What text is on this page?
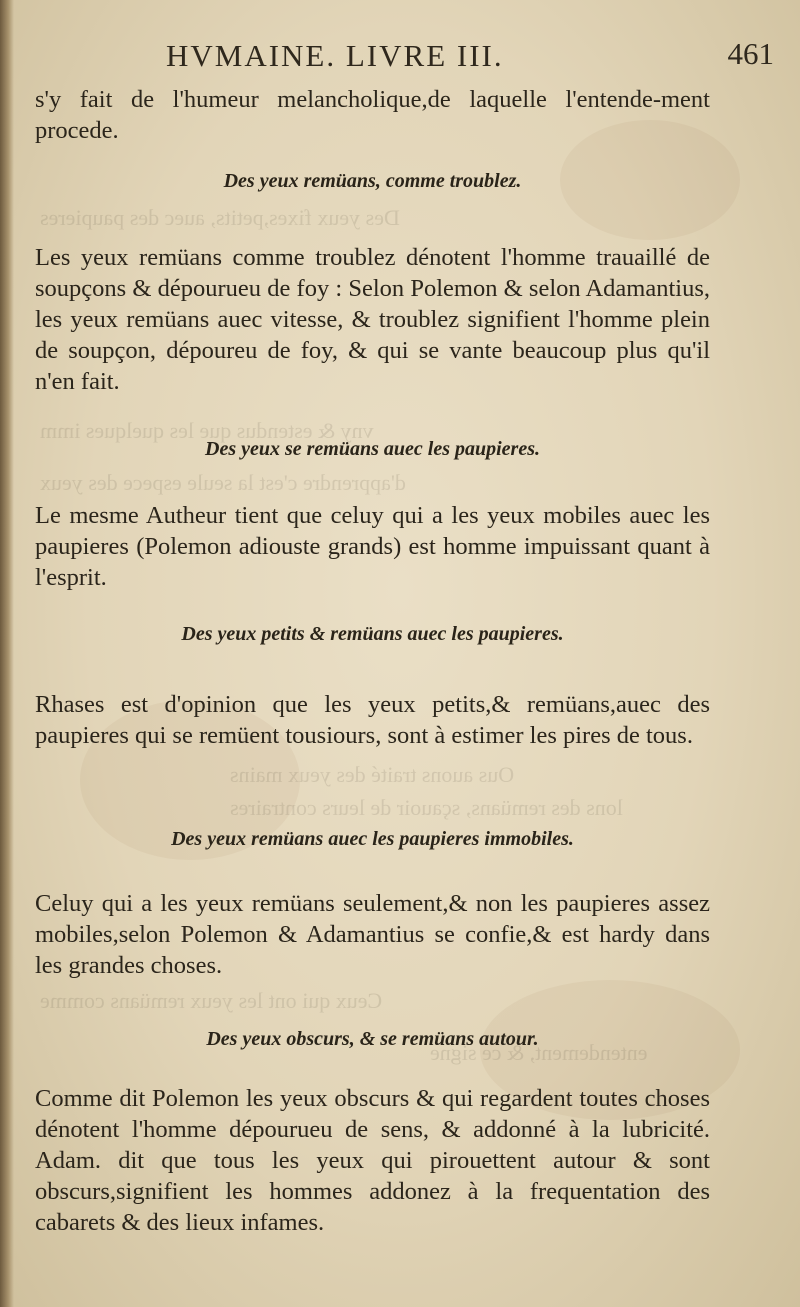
Des yeux fixes,petits, auec des paupieres
vny & estendus que les quelques imm
d'apprendre c'est la seule espece des yeux
Ous auons traité des yeux mains
lons des remüans, sçauoir de leurs contraires
Ceux qui ont les yeux remüans comme
entendement, & ce signe
HVMAINE. LIVRE III.	461

s'y fait de l'humeur melancholique,de laquelle l'entende-ment procede.

Des yeux remüans, comme troublez.

Les yeux remüans comme troublez dénotent l'homme trauaillé de soupçons & dépourueu de foy : Selon Polemon & selon Adamantius, les yeux remüans auec vitesse, & troublez signifient l'homme plein de soupçon, dépoureu de foy, & qui se vante beaucoup plus qu'il n'en fait.

Des yeux se remüans auec les paupieres.

Le mesme Autheur tient que celuy qui a les yeux mobiles auec les paupieres (Polemon adiouste grands) est homme impuissant quant à l'esprit.

Des yeux petits & remüans auec les paupieres.

Rhases est d'opinion que les yeux petits,& remüans,auec des paupieres qui se remüent tousiours, sont à estimer les pires de tous.

Des yeux remüans auec les paupieres immobiles.

Celuy qui a les yeux remüans seulement,& non les paupieres assez mobiles,selon Polemon & Adamantius se confie,& est hardy dans les grandes choses.

Des yeux obscurs, & se remüans autour.

Comme dit Polemon les yeux obscurs & qui regardent toutes choses dénotent l'homme dépourueu de sens, & addonné à la lubricité. Adam. dit que tous les yeux qui pirouettent autour & sont obscurs,signifient les hommes addonez à la frequentation des cabarets & des lieux infames.
